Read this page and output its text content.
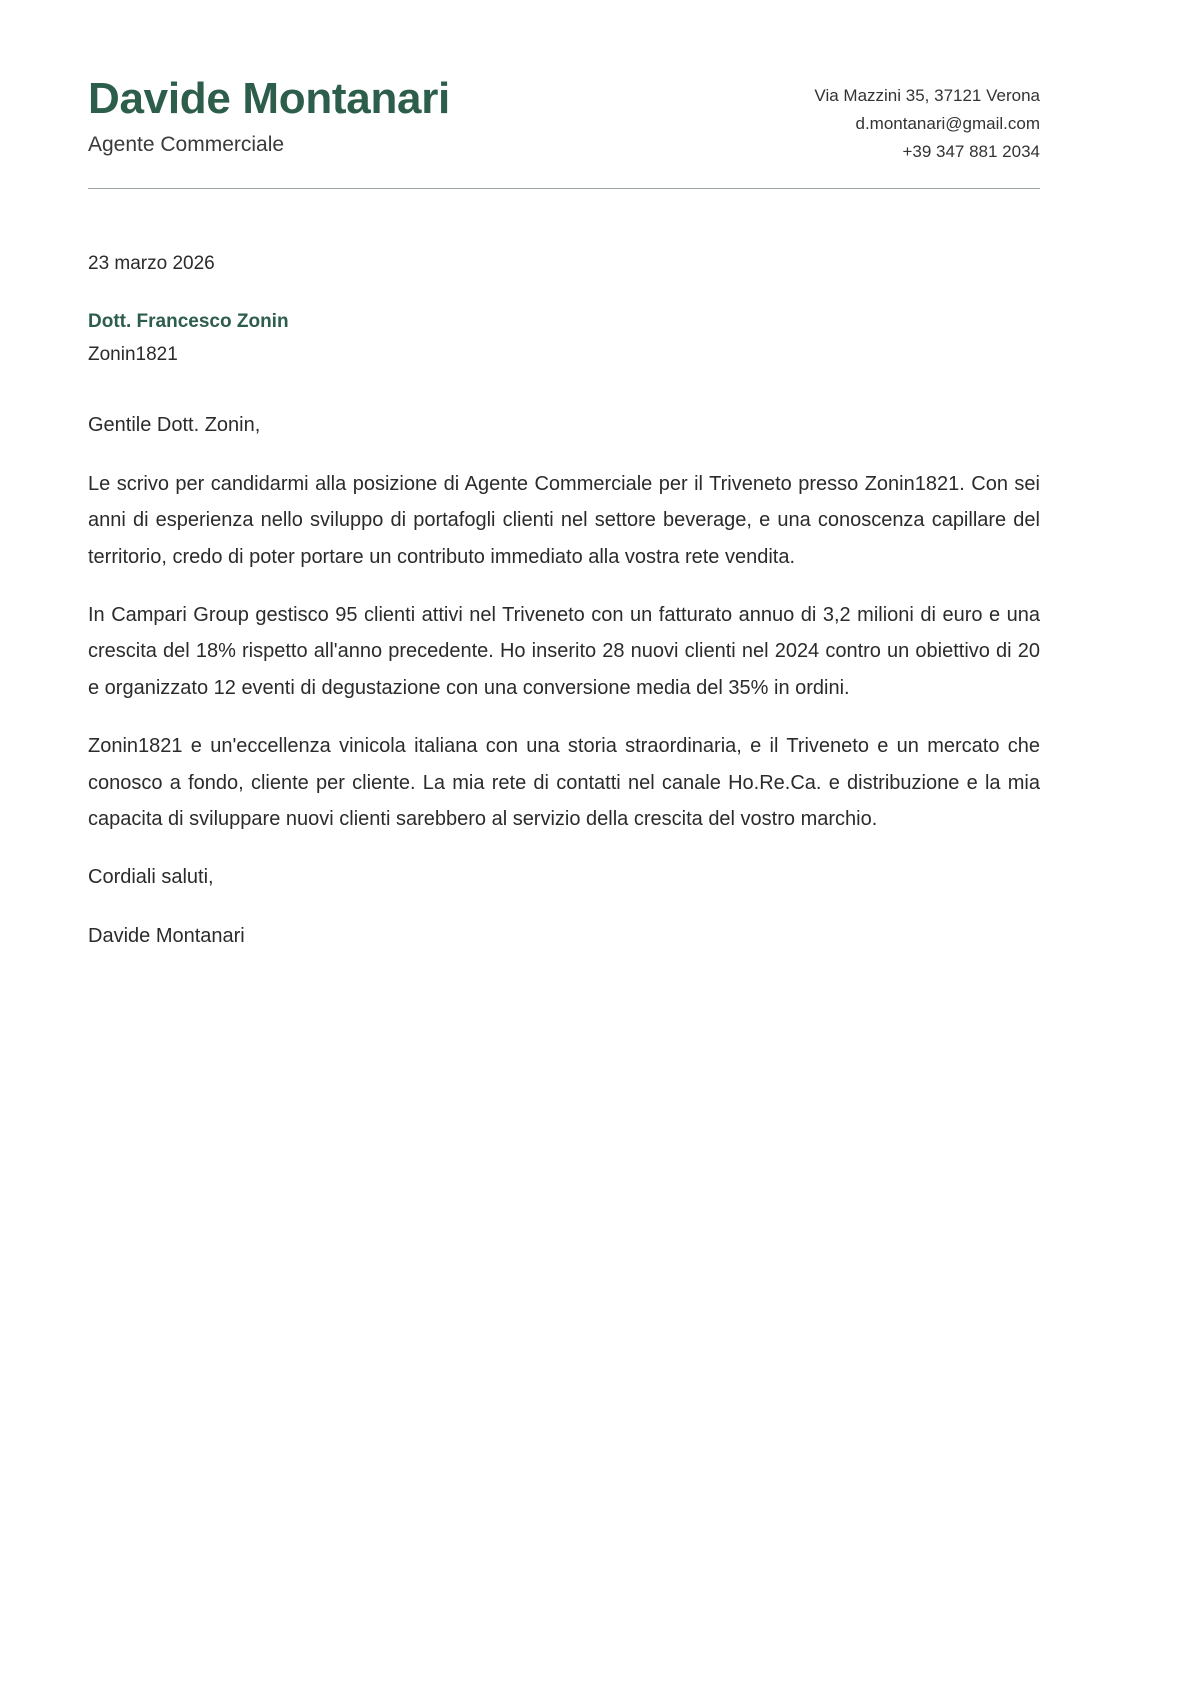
Davide Montanari
Agente Commerciale
Via Mazzini 35, 37121 Verona
d.montanari@gmail.com
+39 347 881 2034
23 marzo 2026
Dott. Francesco Zonin
Zonin1821
Gentile Dott. Zonin,

Le scrivo per candidarmi alla posizione di Agente Commerciale per il Triveneto presso Zonin1821. Con sei anni di esperienza nello sviluppo di portafogli clienti nel settore beverage, e una conoscenza capillare del territorio, credo di poter portare un contributo immediato alla vostra rete vendita.

In Campari Group gestisco 95 clienti attivi nel Triveneto con un fatturato annuo di 3,2 milioni di euro e una crescita del 18% rispetto all'anno precedente. Ho inserito 28 nuovi clienti nel 2024 contro un obiettivo di 20 e organizzato 12 eventi di degustazione con una conversione media del 35% in ordini.

Zonin1821 e un'eccellenza vinicola italiana con una storia straordinaria, e il Triveneto e un mercato che conosco a fondo, cliente per cliente. La mia rete di contatti nel canale Ho.Re.Ca. e distribuzione e la mia capacita di sviluppare nuovi clienti sarebbero al servizio della crescita del vostro marchio.

Cordiali saluti,
Davide Montanari
